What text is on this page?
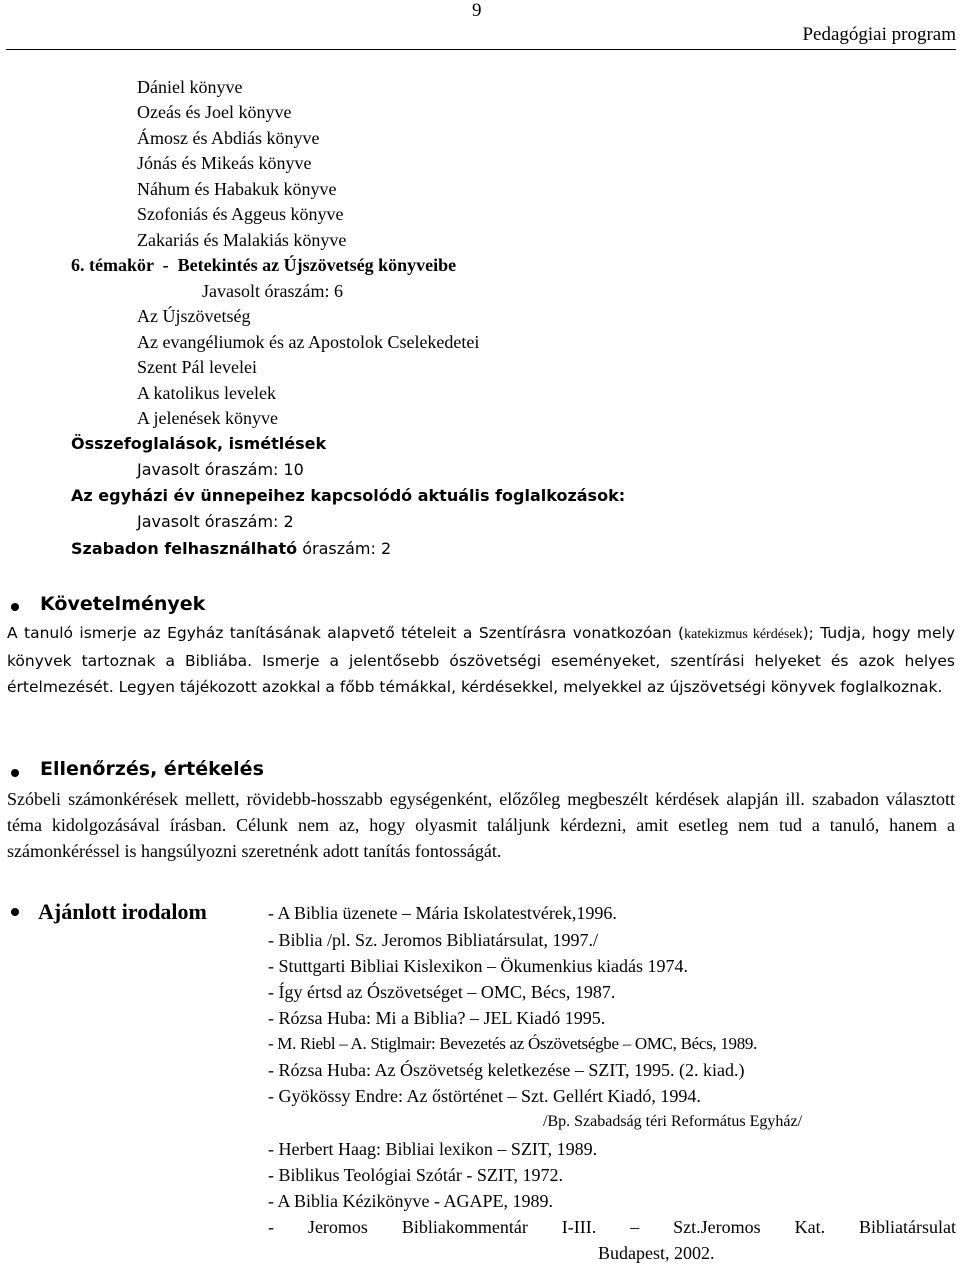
9
Pedagógiai program
Dániel könyve
Ozeás és Joel könyve
Ámosz és Abdiás könyve
Jónás és Mikeás könyve
Náhum és Habakuk könyve
Szofoniás és Aggeus könyve
Zakariás és Malakiás könyve
6. témakör  -  Betekintés az Újszövetség könyveibe
Javasolt óraszám: 6
Az Újszövetség
Az evangéliumok és az Apostolok Cselekedetei
Szent Pál levelei
A katolikus levelek
A jelenések könyve
Összefoglalások, ismétlések
Javasolt óraszám: 10
Az egyházi év ünnepeihez kapcsolódó aktuális foglalkozások:
Javasolt óraszám: 2
Szabadon felhasználható óraszám: 2
Követelmények
A tanuló ismerje az Egyház tanításának alapvető tételeit a Szentírásra vonatkozóan (katekizmus kérdések); Tudja, hogy mely könyvek tartoznak a Bibliába. Ismerje a jelentősebb ószövetségi eseményeket, szentírási helyeket és azok helyes értelmezését. Legyen tájékozott azokkal a főbb témákkal, kérdésekkel, melyekkel az újszövetségi könyvek foglalkoznak.
Ellenőrzés, értékelés
Szóbeli számonkérések mellett, rövidebb-hosszabb egységenként, előzőleg megbeszélt kérdések alapján ill. szabadon választott téma kidolgozásával írásban. Célunk nem az, hogy olyasmit találjunk kérdezni, amit esetleg nem tud a tanuló, hanem a számonkéréssel is hangsúlyozni szeretnénk adott tanítás fontosságát.
Ajánlott irodalom	- A Biblia üzenete – Mária Iskolatestvérek,1996.
- Biblia /pl. Sz. Jeromos Bibliatársulat, 1997./
- Stuttgarti Bibliai Kislexikon – Ökumenkius kiadás 1974.
- Így értsd az Ószövetséget – OMC, Bécs, 1987.
- Rózsa Huba: Mi a Biblia? – JEL Kiadó 1995.
- M. Riebl – A. Stiglmair: Bevezetés az Ószövetségbe – OMC, Bécs, 1989.
- Rózsa Huba: Az Ószövetség keletkezése – SZIT, 1995. (2. kiad.)
- Gyökössy Endre: Az őstörténet – Szt. Gellért Kiadó, 1994.
/Bp. Szabadság téri Református Egyház/
- Herbert Haag: Bibliai lexikon – SZIT, 1989.
- Biblikus Teológiai Szótár - SZIT, 1972.
- A Biblia Kézikönyve - AGAPE, 1989.
- Jeromos Bibliakommentár I-III. – Szt.Jeromos Kat. Bibliatársulat
Budapest, 2002.
